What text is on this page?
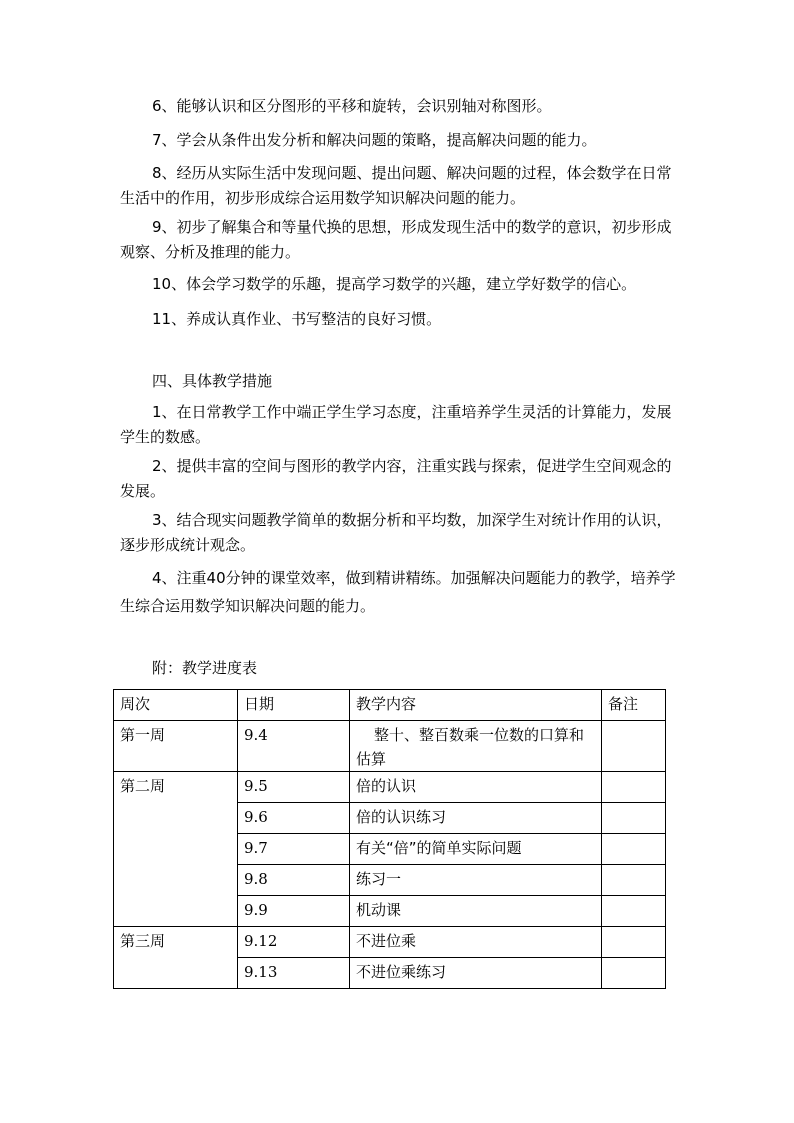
6、能够认识和区分图形的平移和旋转，会识别轴对称图形。

7、学会从条件出发分析和解决问题的策略，提高解决问题的能力。

8、经历从实际生活中发现问题、提出问题、解决问题的过程，体会数学在日常生活中的作用，初步形成综合运用数学知识解决问题的能力。

9、初步了解集合和等量代换的思想，形成发现生活中的数学的意识，初步形成观察、分析及推理的能力。

10、体会学习数学的乐趣，提高学习数学的兴趣，建立学好数学的信心。

11、养成认真作业、书写整洁的良好习惯。

四、具体教学措施

1、在日常教学工作中端正学生学习态度，注重培养学生灵活的计算能力，发展学生的数感。

2、提供丰富的空间与图形的教学内容，注重实践与探索，促进学生空间观念的发展。

3、结合现实问题教学简单的数据分析和平均数，加深学生对统计作用的认识，逐步形成统计观念。

4、注重40分钟的课堂效率，做到精讲精练。加强解决问题能力的教学，培养学生综合运用数学知识解决问题的能力。

附：教学进度表

周次	日期	教学内容	备注

第一周	9.4	整十、整百数乘一位数的口算和估算	

第二周	9.5	倍的认识	

	9.6	倍的认识练习	

	9.7	有关“倍”的简单实际问题	

	9.8	练习一	

	9.9	机动课	

第三周	9.12	不进位乘	

	9.13	不进位乘练习	
